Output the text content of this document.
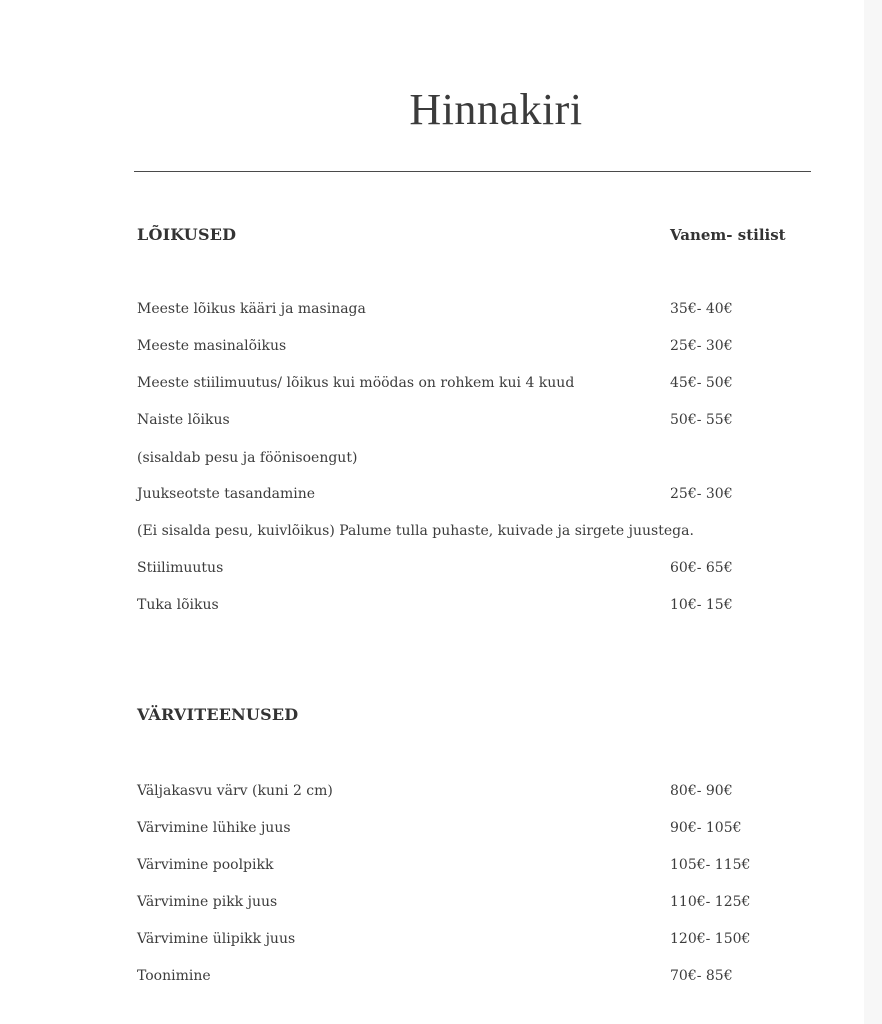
Hinnakiri
LÕIKUSED	Vanem- stilist
Meeste lõikus kääri ja masinaga	35€- 40€
Meeste masinalõikus	25€- 30€
Meeste stiilimuutus/ lõikus kui möödas on rohkem kui 4 kuud	45€- 50€
Naiste lõikus	50€- 55€
(sisaldab pesu ja föönisoengut)
Juukseotste tasandamine	25€- 30€
(Ei sisalda pesu, kuivlõikus) Palume tulla puhaste, kuivade ja sirgete juustega.
Stiilimuutus	60€- 65€
Tuka lõikus	10€- 15€
VÄRVITEENUSED
Väljakasvu värv (kuni 2 cm)	80€- 90€
Värvimine lühike juus	90€- 105€
Värvimine poolpikk	105€- 115€
Värvimine pikk juus	110€- 125€
Värvimine ülipikk juus	120€- 150€
Toonimine	70€- 85€
